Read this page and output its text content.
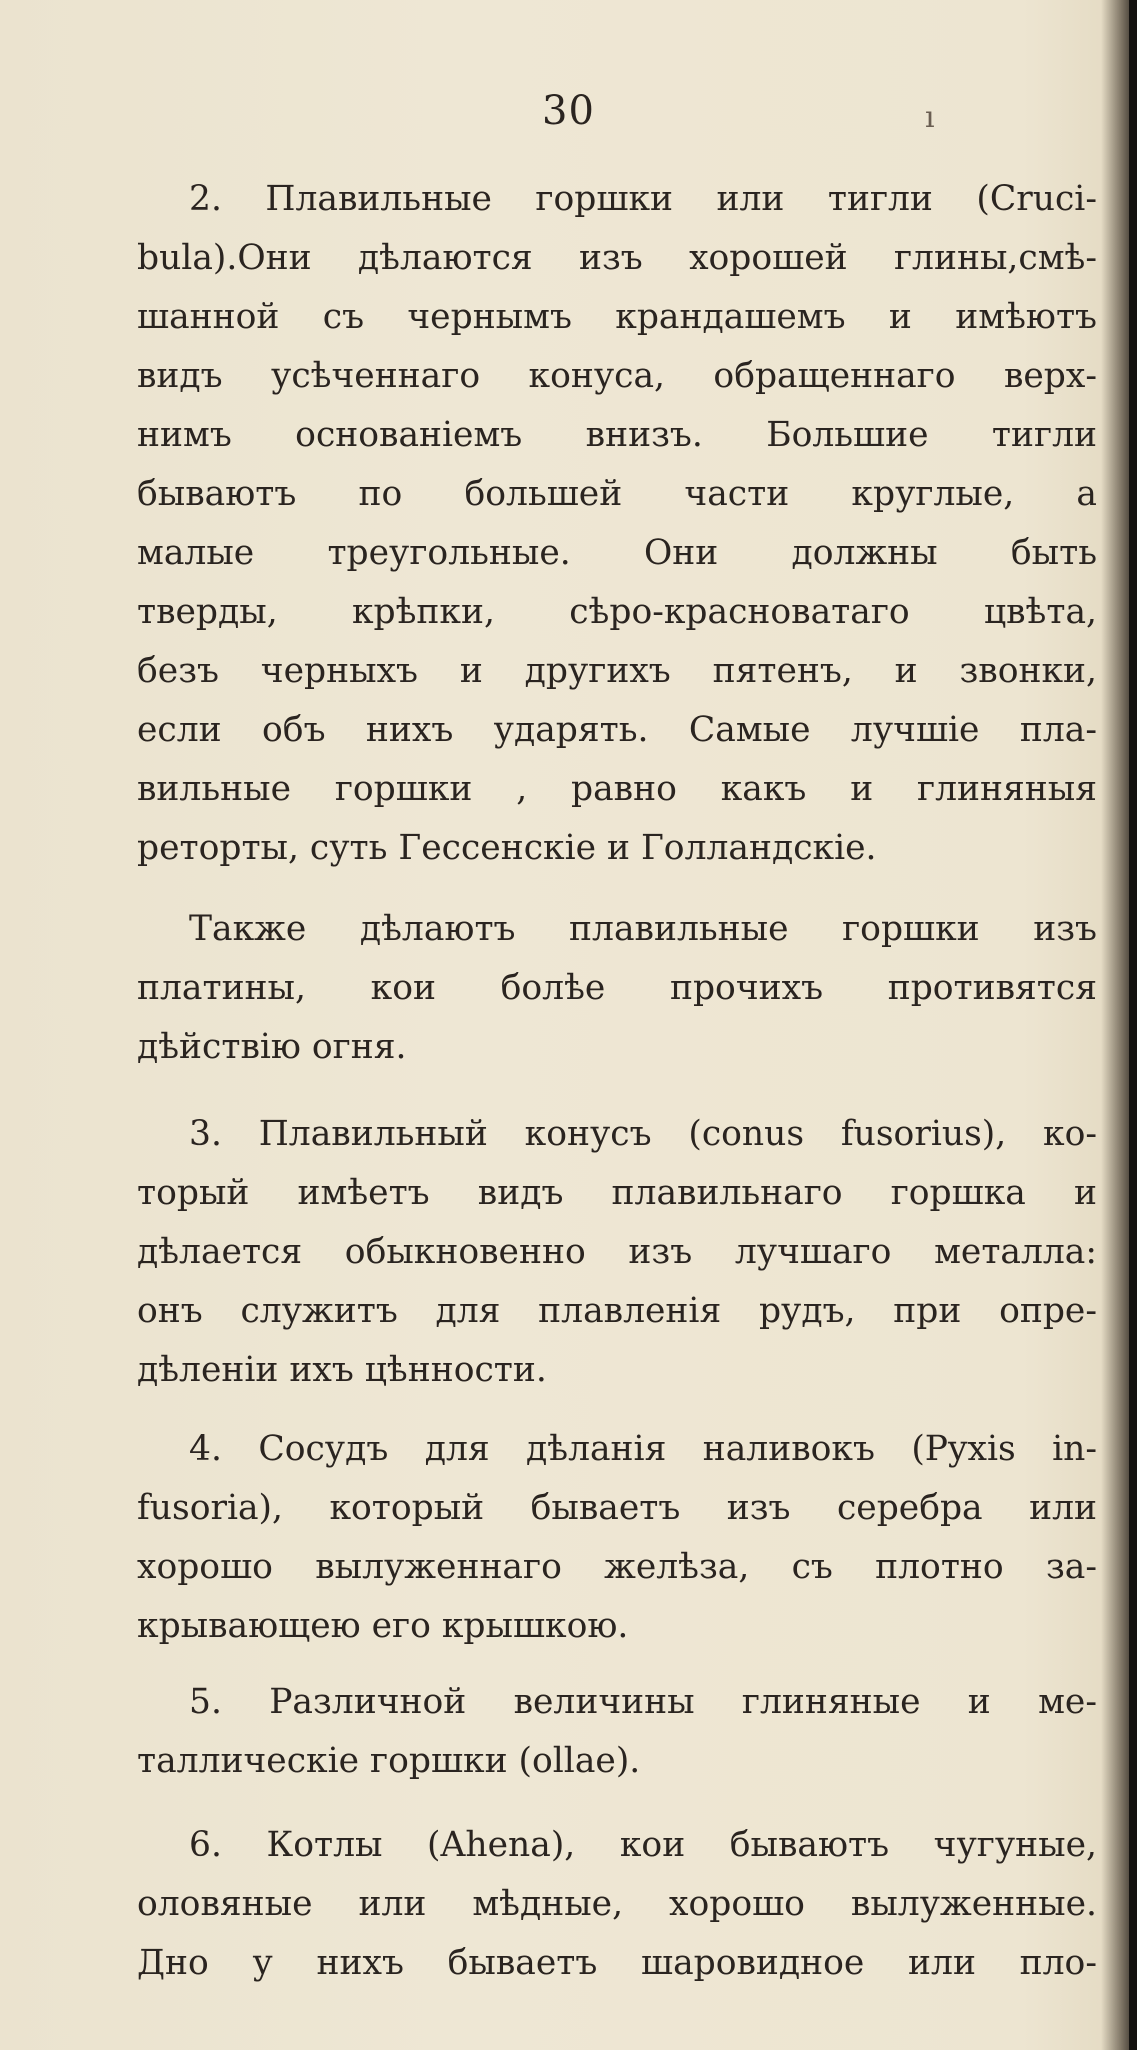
30	ı
2. Плавильные горшки или тигли (Cruci-
bula).Они дѣлаются изъ хорошей глины,смѣ-
шанной съ чернымъ крандашемъ и имѣютъ
видъ усѣченнаго конуса, обращеннаго верх-
нимъ основанiемъ внизъ. Большие тигли
бываютъ по большей части круглые, а
малые треугольные. Они должны быть
тверды, крѣпки, сѣро-красноватаго цвѣта,
безъ черныхъ и другихъ пятенъ, и звонки,
если объ нихъ ударять. Самые лучшiе пла-
вильные горшки , равно какъ и глиняныя
реторты, суть Гессенскiе и Голландскiе.
Также дѣлаютъ плавильные горшки изъ
платины, кои болѣе прочихъ противятся
дѣйствiю огня.
3. Плавильный конусъ (conus fusorius), ко-
торый имѣетъ видъ плавильнаго горшка и
дѣлается обыкновенно изъ лучшаго металла:
онъ служитъ для плавленiя рудъ, при опре-
дѣленiи ихъ цѣнности.
4. Сосудъ для дѣланiя наливокъ (Pyxis in-
fusoria), который бываетъ изъ серебра или
хорошо вылуженнаго желѣза, съ плотно за-
крывающею его крышкою.
5. Различной величины глиняные и ме-
таллическiе горшки (ollae).
6. Котлы (Ahena), кои бываютъ чугуные,
оловяные или мѣдные, хорошо вылуженные.
Дно у нихъ бываетъ шаровидное или пло-
